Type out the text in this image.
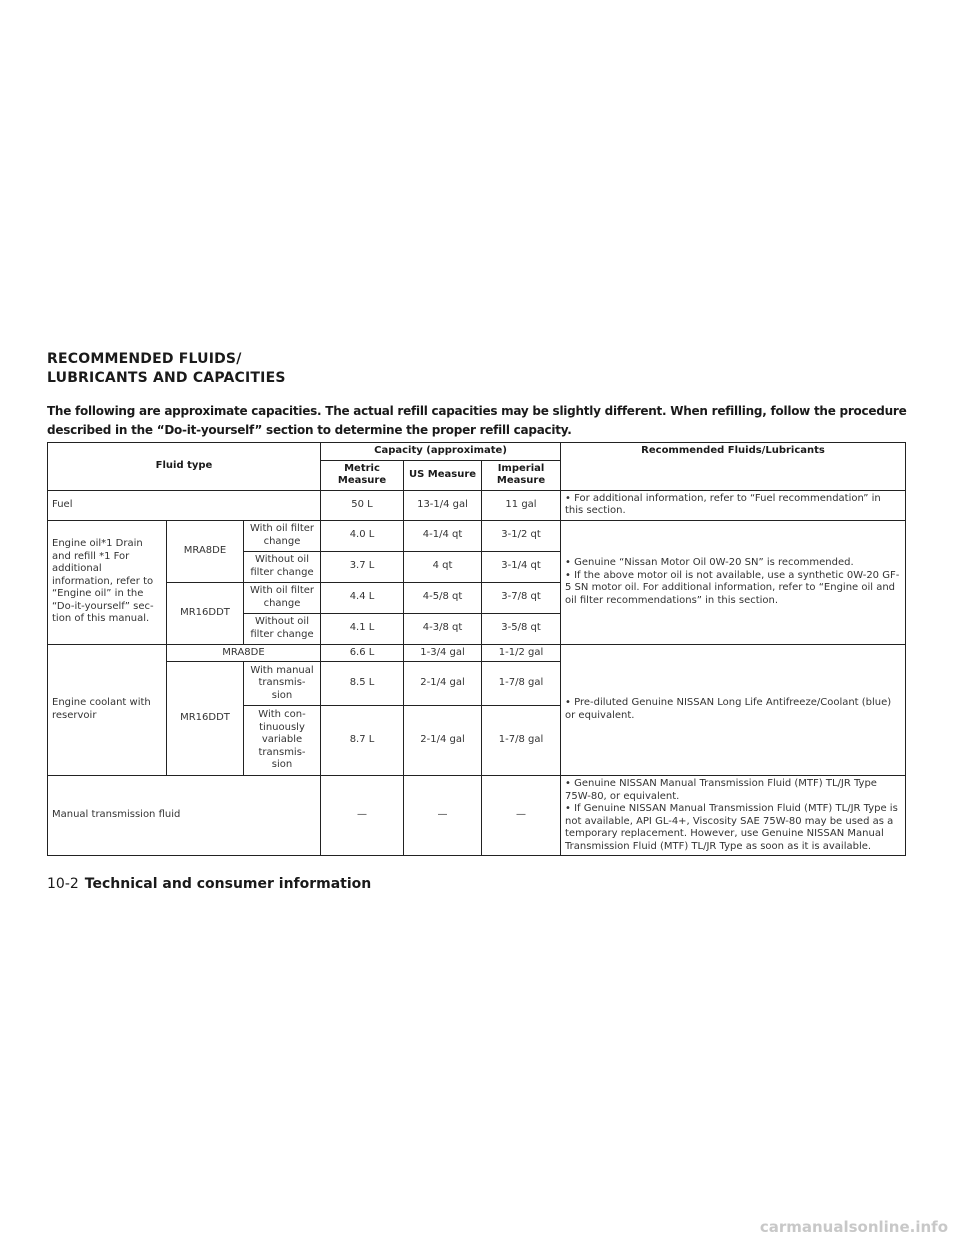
RECOMMENDED FLUIDS/
LUBRICANTS AND CAPACITIES
The following are approximate capacities. The actual refill capacities may be slightly different. When refilling, follow the procedure described in the “Do-it-yourself” section to determine the proper refill capacity.
Fluid type			Capacity (approximate)			Recommended Fluids/Lubricants
			Metric Measure	US Measure	Imperial Measure	
Fuel			50 L	13-1/4 gal	11 gal	• For additional information, refer to “Fuel recommendation” in this section.
Engine oil*1 Drain and refill *1 For additional information, refer to “Engine oil” in the “Do-it-yourself” sec- tion of this manual.	MRA8DE	With oil filter change	4.0 L	4-1/4 qt	3-1/2 qt	• Genuine “Nissan Motor Oil 0W-20 SN” is recommended.
• If the above motor oil is not available, use a synthetic 0W-20 GF-5 SN motor oil. For additional information, refer to “Engine oil and oil filter recommendations” in this section.

		Without oil filter change	3.7 L	4 qt	3-1/4 qt	
	MR16DDT	With oil filter change	4.4 L	4-5/8 qt	3-7/8 qt	
		Without oil filter change	4.1 L	4-3/8 qt	3-5/8 qt	
Engine coolant with reservoir	MRA8DE		6.6 L	1-3/4 gal	1-1/2 gal	• Pre-diluted Genuine NISSAN Long Life Antifreeze/Coolant (blue) or equivalent.
	MR16DDT	With manual transmis- sion	8.5 L	2-1/4 gal	1-7/8 gal	
		With con- tinuously variable transmis- sion	8.7 L	2-1/4 gal	1-7/8 gal	
Manual transmission fluid			—	—	—	• Genuine NISSAN Manual Transmission Fluid (MTF) TL/JR Type 75W-80, or equivalent.
• If Genuine NISSAN Manual Transmission Fluid (MTF) TL/JR Type is not available, API GL-4+, Viscosity SAE 75W-80 may be used as a temporary replacement. However, use Genuine NISSAN Manual Transmission Fluid (MTF) TL/JR Type as soon as it is available.
10-2 Technical and consumer information
carmanualsonline.info
